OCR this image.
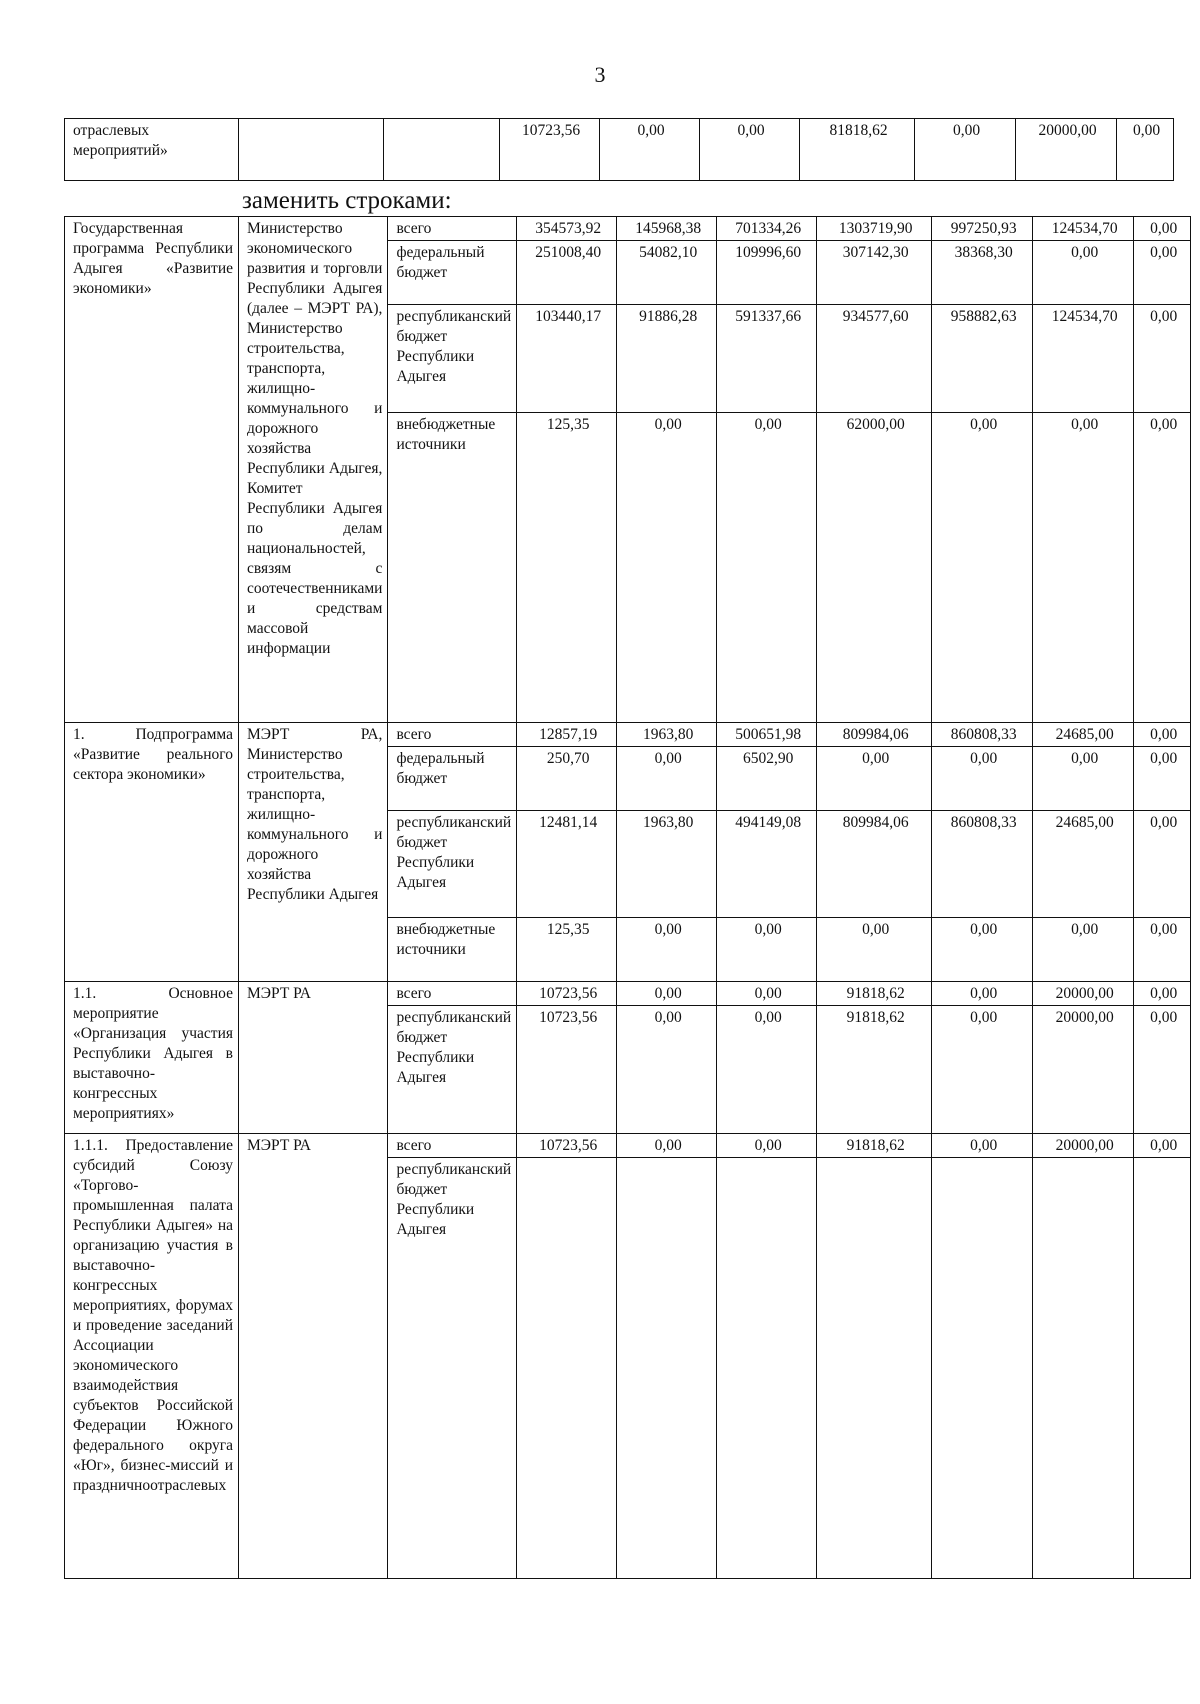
3
отраслевых мероприятий»			10723,56	0,00	0,00	81818,62	0,00	20000,00	0,00
заменить строками:
Государственная программа Республики Адыгея «Развитие экономики»	Министерство экономического развития и торговли Республики Адыгея (далее – МЭРТ РА), Министерство строительства, транспорта, жилищно-коммунального и дорожного хозяйства Республики Адыгея, Комитет Республики Адыгея по делам национальностей, связям с соотечественниками и средствам массовой информации	всего	354573,92	145968,38	701334,26	1303719,90	997250,93	124534,70	0,00
		федеральный бюджет	251008,40	54082,10	109996,60	307142,30	38368,30	0,00	0,00
		республиканский бюджет Республики Адыгея	103440,17	91886,28	591337,66	934577,60	958882,63	124534,70	0,00
		внебюджетные источники	125,35	0,00	0,00	62000,00	0,00	0,00	0,00
1. Подпрограмма «Развитие реального сектора экономики»	МЭРТ РА, Министерство строительства, транспорта, жилищно-коммунального и дорожного хозяйства Республики Адыгея	всего	12857,19	1963,80	500651,98	809984,06	860808,33	24685,00	0,00
		федеральный бюджет	250,70	0,00	6502,90	0,00	0,00	0,00	0,00
		республиканский бюджет Республики Адыгея	12481,14	1963,80	494149,08	809984,06	860808,33	24685,00	0,00
		внебюджетные источники	125,35	0,00	0,00	0,00	0,00	0,00	0,00
1.1. Основное мероприятие «Организация участия Республики Адыгея в выставочно-конгрессных мероприятиях»	МЭРТ РА	всего	10723,56	0,00	0,00	91818,62	0,00	20000,00	0,00
		республиканский бюджет Республики Адыгея	10723,56	0,00	0,00	91818,62	0,00	20000,00	0,00
1.1.1. Предоставление субсидий Союзу «Торгово-промышленная палата Республики Адыгея» на организацию участия в выставочно-конгрессных мероприятиях, форумах и проведение заседаний Ассоциации экономического взаимодействия субъектов Российской Федерации Южного федерального округа «Юг», бизнес-миссий и праздничноотраслевых	МЭРТ РА	всего	10723,56	0,00	0,00	91818,62	0,00	20000,00	0,00
		республиканский бюджет Республики Адыгея							
